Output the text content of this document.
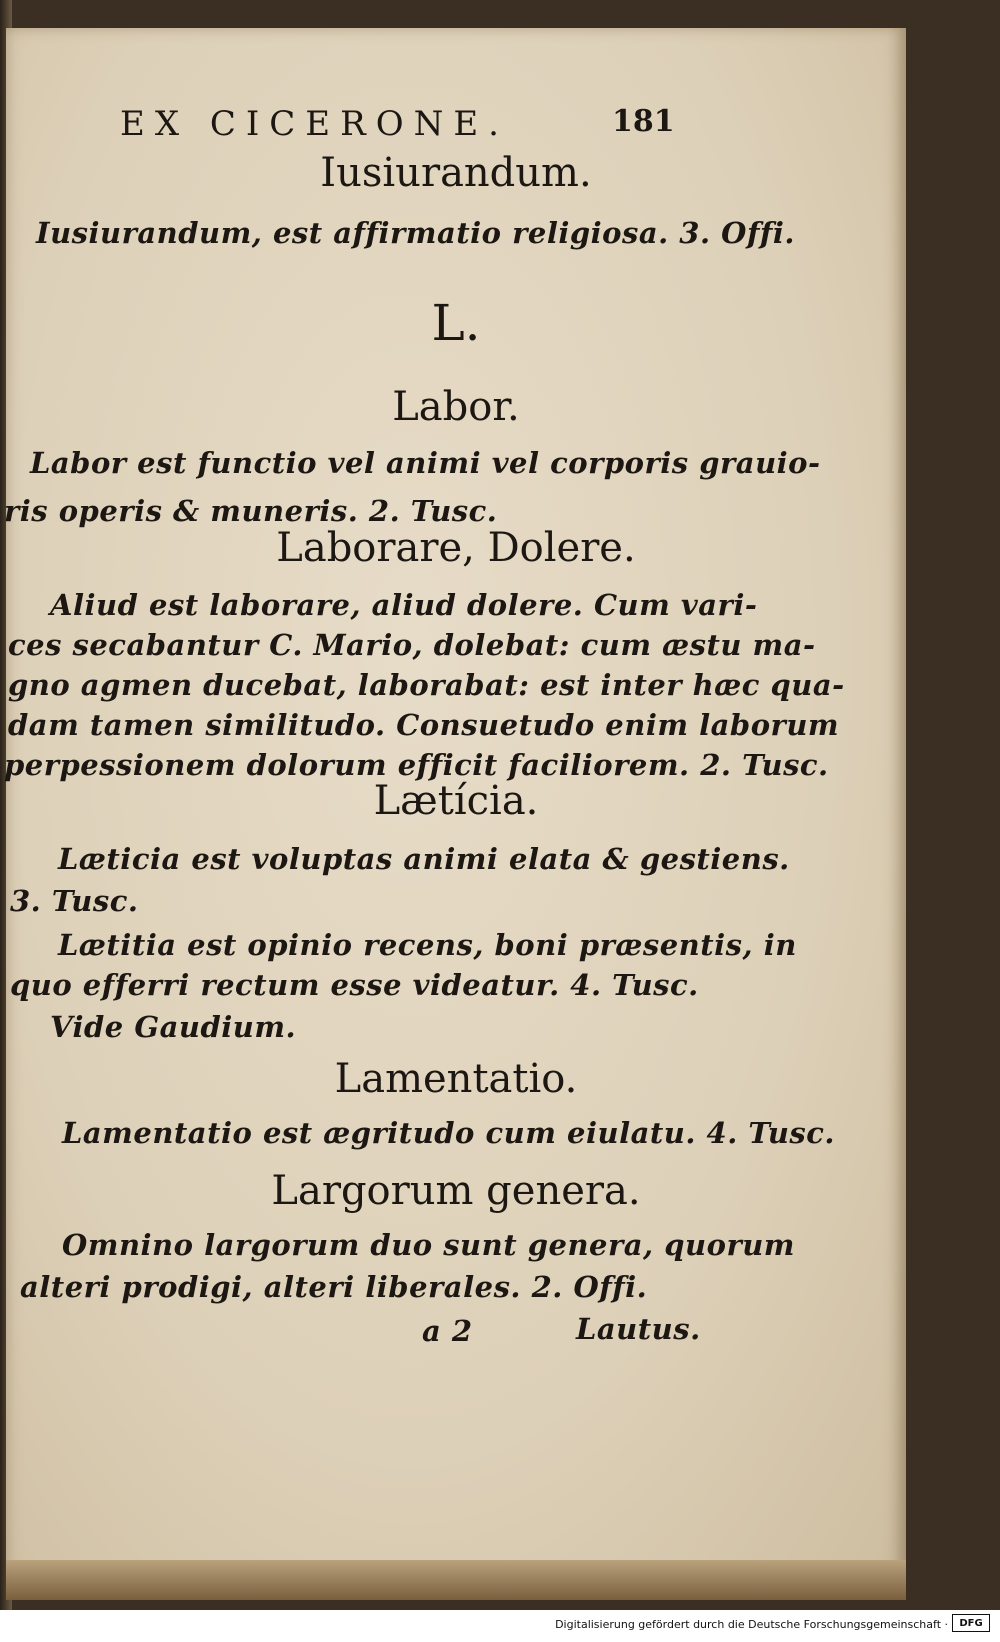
EX CICERONE.	181
Iusiurandum.
Iusiurandum, est affirmatio religiosa. 3. Offi.
L.
Labor.
Labor est functio vel animi vel corporis grauio-
ris operis & muneris. 2. Tusc.
Laborare, Dolere.
Aliud est laborare, aliud dolere. Cum vari-
ces secabantur C. Mario, dolebat: cum æstu ma-
gno agmen ducebat, laborabat: est inter hæc qua-
dam tamen similitudo. Consuetudo enim laborum
perpessionem dolorum efficit faciliorem. 2. Tusc.
Lætícia.
Læticia est voluptas animi elata & gestiens.
3. Tusc.
Lætitia est opinio recens, boni præsentis, in
quo efferri rectum esse videatur. 4. Tusc.
Vide Gaudium.
Lamentatio.
Lamentatio est ægritudo cum eiulatu. 4. Tusc.
Largorum genera.
Omnino largorum duo sunt genera, quorum
alteri prodigi, alteri liberales. 2. Offi.
a 2	Lautus.
Digitalisierung gefördert durch die Deutsche Forschungsgemeinschaft ·	DFG
